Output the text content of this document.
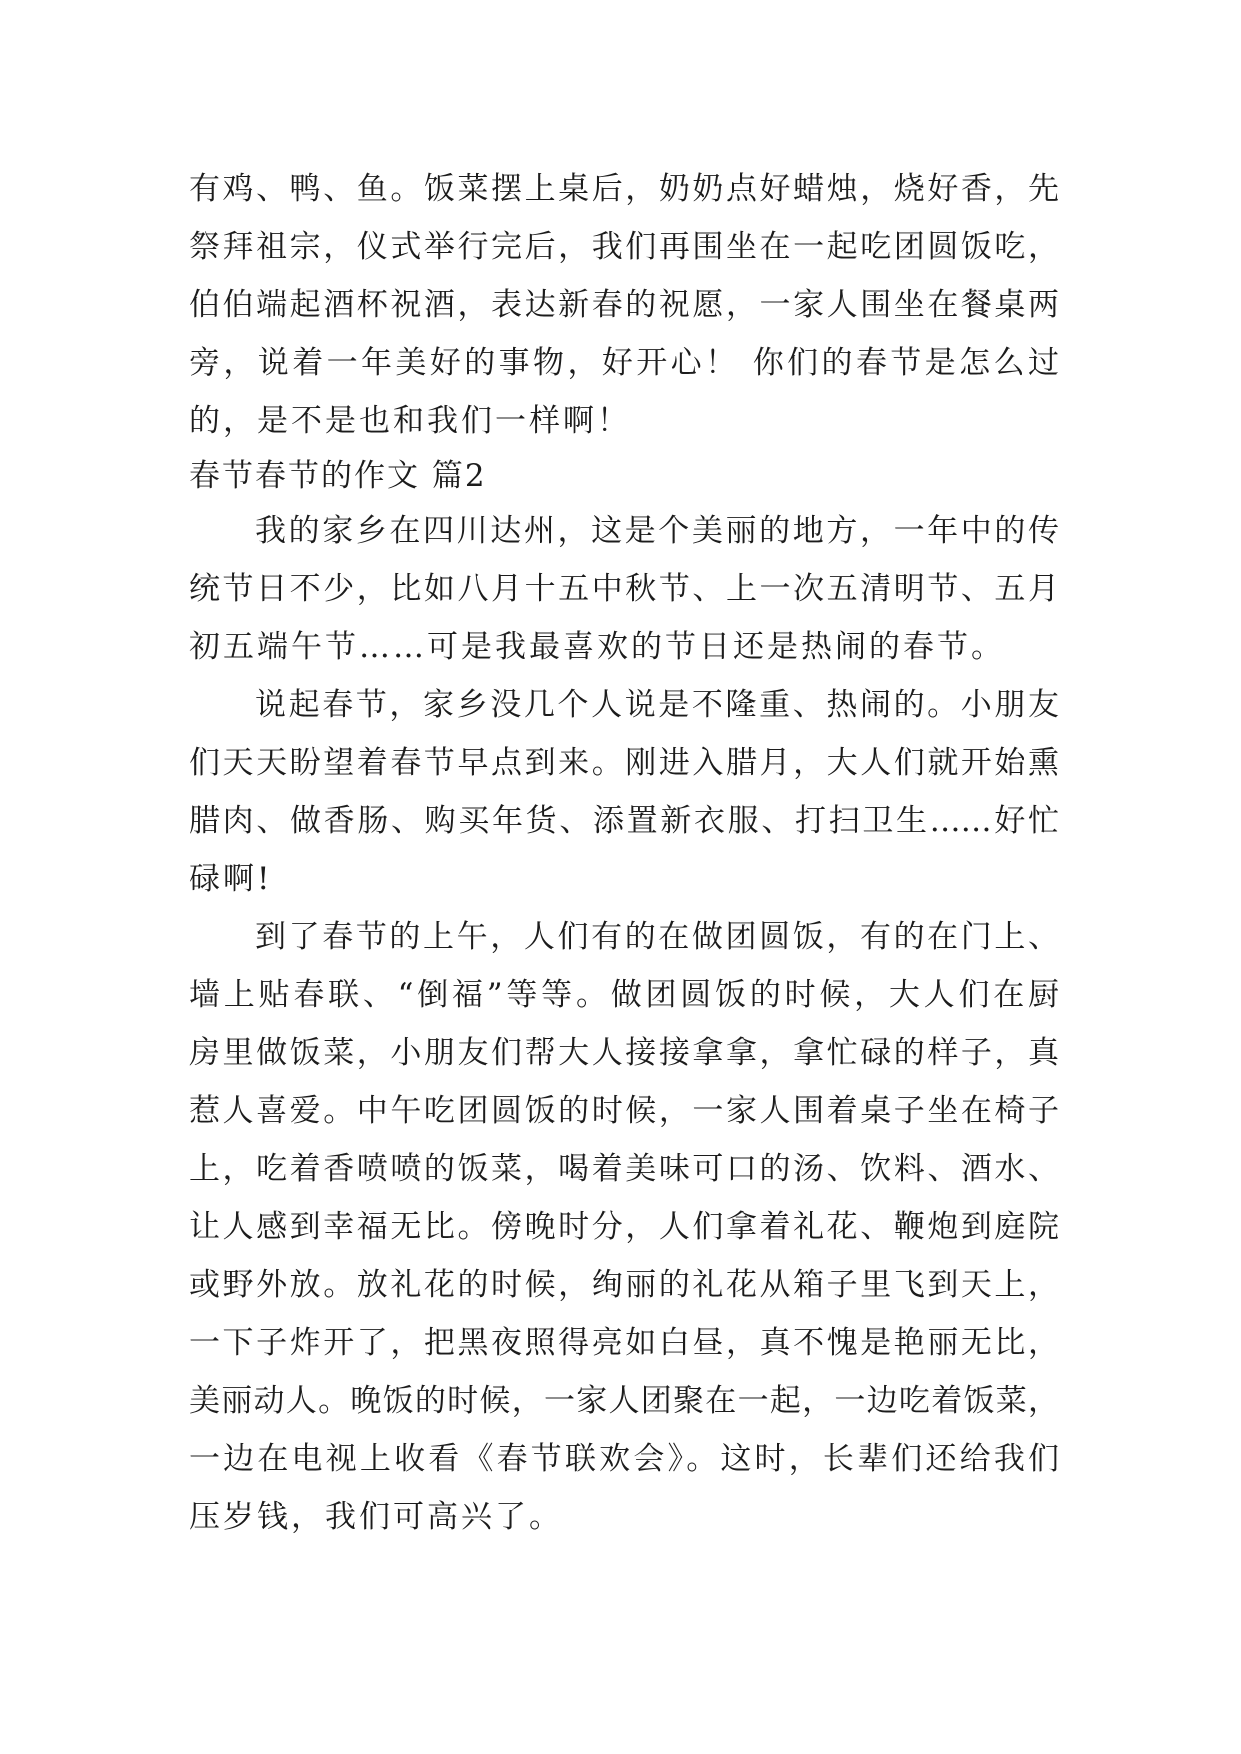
有鸡、鸭、鱼。饭菜摆上桌后，奶奶点好蜡烛，烧好香，先
祭拜祖宗，仪式举行完后，我们再围坐在一起吃团圆饭吃，
伯伯端起酒杯祝酒，表达新春的祝愿，一家人围坐在餐桌两
旁，说着一年美好的事物，好开心！ 你们的春节是怎么过
的，是不是也和我们一样啊！
春节春节的作文 篇2
我的家乡在四川达州，这是个美丽的地方，一年中的传
统节日不少，比如八月十五中秋节、上一次五清明节、五月
初五端午节……可是我最喜欢的节日还是热闹的春节。
说起春节，家乡没几个人说是不隆重、热闹的。小朋友
们天天盼望着春节早点到来。刚进入腊月，大人们就开始熏
腊肉、做香肠、购买年货、添置新衣服、打扫卫生……好忙
碌啊!
到了春节的上午，人们有的在做团圆饭，有的在门上、
墙上贴春联、“倒福”等等。做团圆饭的时候，大人们在厨
房里做饭菜，小朋友们帮大人接接拿拿，拿忙碌的样子，真
惹人喜爱。中午吃团圆饭的时候，一家人围着桌子坐在椅子
上，吃着香喷喷的饭菜，喝着美味可口的汤、饮料、酒水、
让人感到幸福无比。傍晚时分，人们拿着礼花、鞭炮到庭院
或野外放。放礼花的时候，绚丽的礼花从箱子里飞到天上，
一下子炸开了，把黑夜照得亮如白昼，真不愧是艳丽无比，
美丽动人。晚饭的时候，一家人团聚在一起，一边吃着饭菜，
一边在电视上收看《春节联欢会》。这时，长辈们还给我们
压岁钱，我们可高兴了。
